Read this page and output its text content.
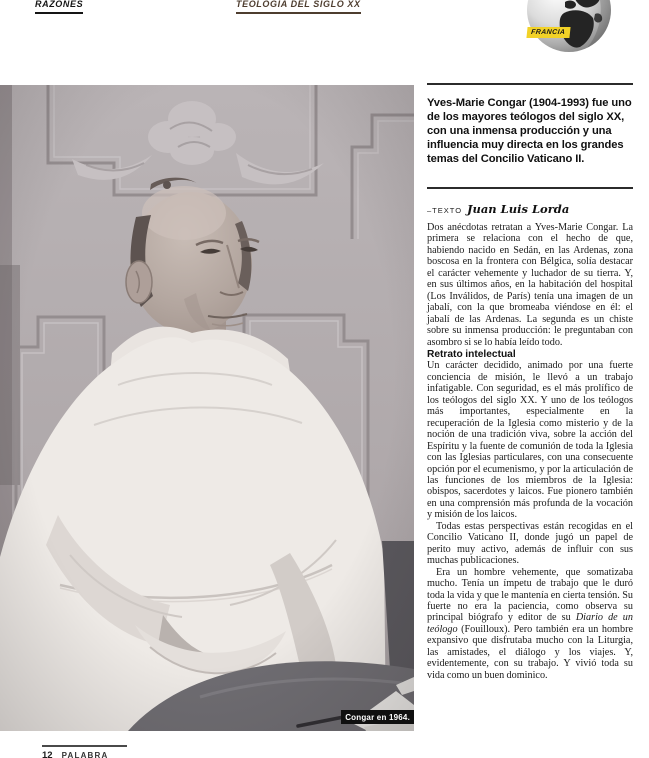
RAZONES	TEOLOGÍA DEL SIGLO XX
FRANCIA
Congar en 1964.
Yves-Marie Congar (1904-1993) fue uno de los mayores teólogos del siglo XX, con una inmensa producción y una influencia muy directa en los grandes temas del Concilio Vaticano II.
–TEXTO Juan Luis Lorda

Dos anécdotas retratan a Yves-Marie Congar. La primera se relaciona con el hecho de que, habiendo nacido en Sedán, en las Ardenas, zona boscosa en la frontera con Bélgica, solía destacar el carácter vehemente y luchador de su tierra. Y, en sus últimos años, en la habitación del hospital (Los Inválidos, de París) tenía una imagen de un jabalí, con la que bromeaba viéndose en él: el jabalí de las Ardenas. La segunda es un chiste sobre su inmensa producción: le preguntaban con asombro si se lo había leído todo.

Retrato intelectual

Un carácter decidido, animado por una fuerte conciencia de misión, le llevó a un trabajo infatigable. Con seguridad, es el más prolífico de los teólogos del siglo XX. Y uno de los teólogos más importantes, especialmente en la recuperación de la Iglesia como misterio y de la noción de una tradición viva, sobre la acción del Espíritu y la fuente de comunión de toda la Iglesia con las Iglesias particulares, con una consecuente opción por el ecumenismo, y por la articulación de las funciones de los miembros de la Iglesia: obispos, sacerdotes y laicos. Fue pionero también en una comprensión más profunda de la vocación y misión de los laicos.

Todas estas perspectivas están recogidas en el Concilio Vaticano II, donde jugó un papel de perito muy activo, además de influir con sus muchas publicaciones.

Era un hombre vehemente, que somatizaba mucho. Tenía un ímpetu de trabajo que le duró toda la vida y que le mantenía en cierta tensión. Su fuerte no era la paciencia, como observa su principal biógrafo y editor de su Diario de un teólogo (Fouilloux). Pero también era un hombre expansivo que disfrutaba mucho con la Liturgia, las amistades, el diálogo y los viajes. Y, evidentemente, con su trabajo. Y vivió toda su vida como un buen dominico.

12 PALABRA
